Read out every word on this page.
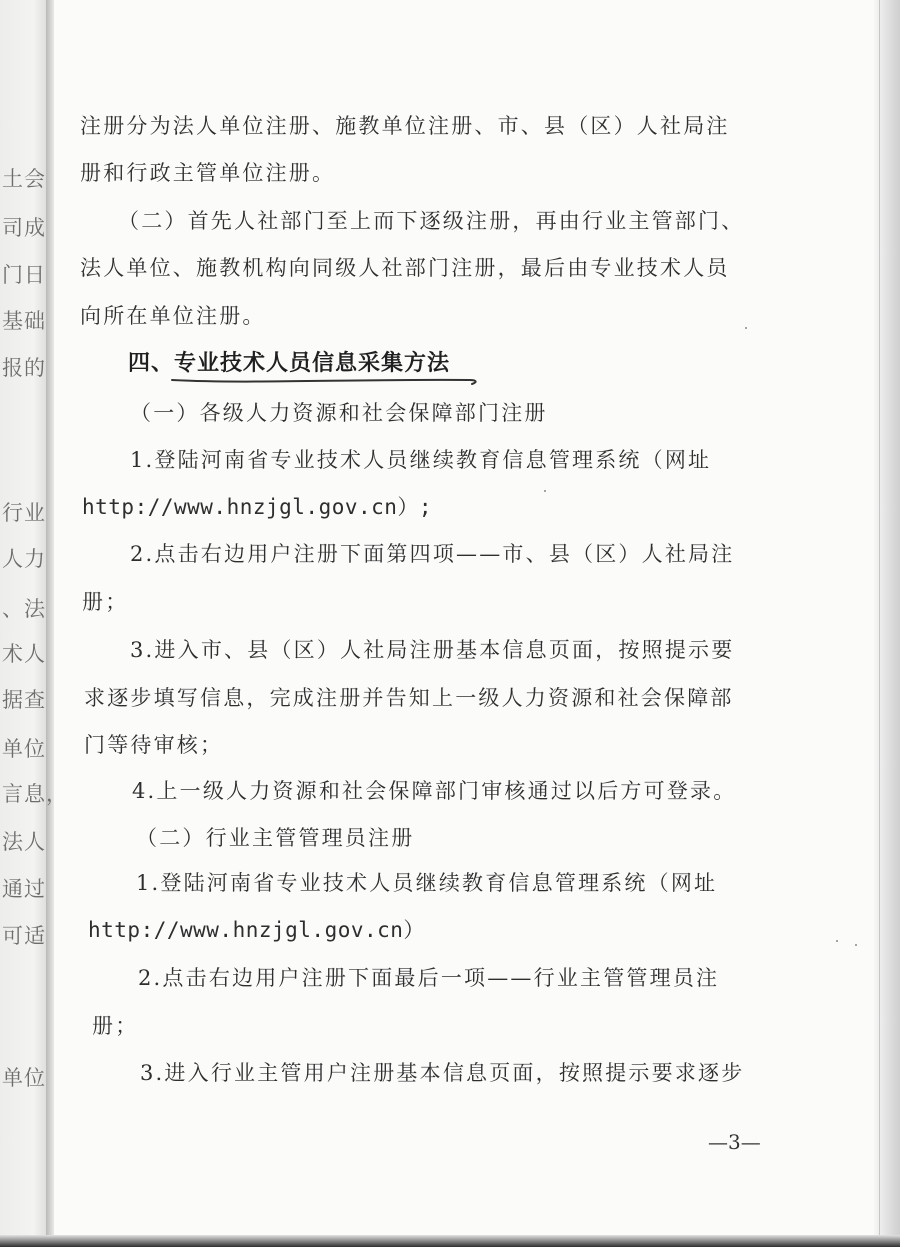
土会
司成
门日
基础
报的
行业
人力
、法
术人
据查
单位
言息，
法人
通过
可适
单位
注册分为法人单位注册、施教单位注册、市、县（区）人社局注
册和行政主管单位注册。
（二）首先人社部门至上而下逐级注册，再由行业主管部门、
法人单位、施教机构向同级人社部门注册，最后由专业技术人员
向所在单位注册。
四、专业技术人员信息采集方法
（一）各级人力资源和社会保障部门注册
1.登陆河南省专业技术人员继续教育信息管理系统（网址
http://www.hnzjgl.gov.cn）;
2.点击右边用户注册下面第四项——市、县（区）人社局注
册；
3.进入市、县（区）人社局注册基本信息页面，按照提示要
求逐步填写信息，完成注册并告知上一级人力资源和社会保障部
门等待审核；
4.上一级人力资源和社会保障部门审核通过以后方可登录。
（二）行业主管管理员注册
1.登陆河南省专业技术人员继续教育信息管理系统（网址
http://www.hnzjgl.gov.cn）
2.点击右边用户注册下面最后一项——行业主管管理员注
册；
3.进入行业主管用户注册基本信息页面，按照提示要求逐步
—3—
